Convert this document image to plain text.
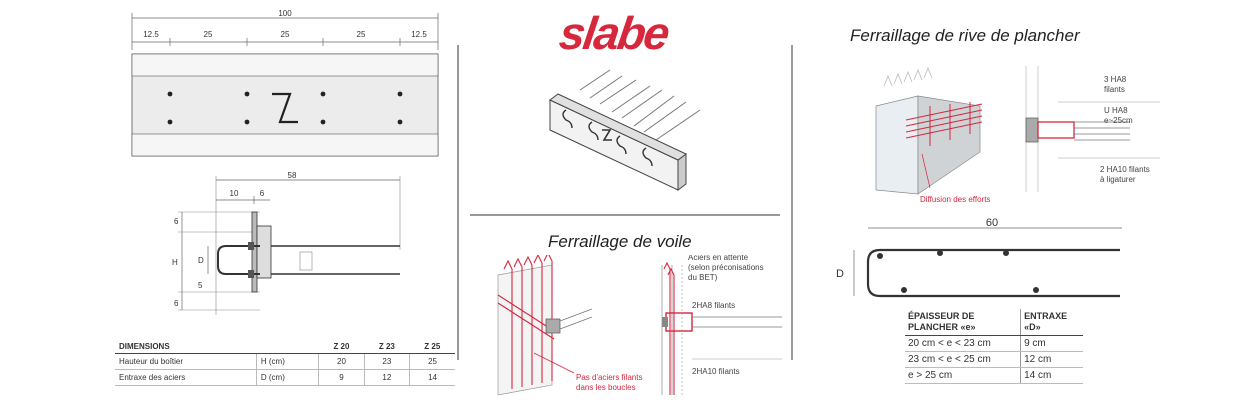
slabe
100
12.5	25	25	25	12.5
58
10	6
6
H
6
D
5
DIMENSIONS		Z 20	Z 23	Z 25
Hauteur du boîtier	H (cm)	20	23	25
Entraxe des aciers	D (cm)	9	12	14
Ferraillage de voile
Pas d'aciers filants
dans les boucles
Aciers en attente
(selon préconisations
du BET)
2HA8 filants
2HA10 filants
Ferraillage de rive de plancher
Diffusion des efforts
3 HA8
filants
U HA8
e~25cm
2 HA10 filants
à ligaturer
60
D
ÉPAISSEUR DE PLANCHER «e»	ENTRAXE «D»
20 cm < e < 23 cm	9 cm
23 cm < e < 25 cm	12 cm
e > 25 cm	14 cm
